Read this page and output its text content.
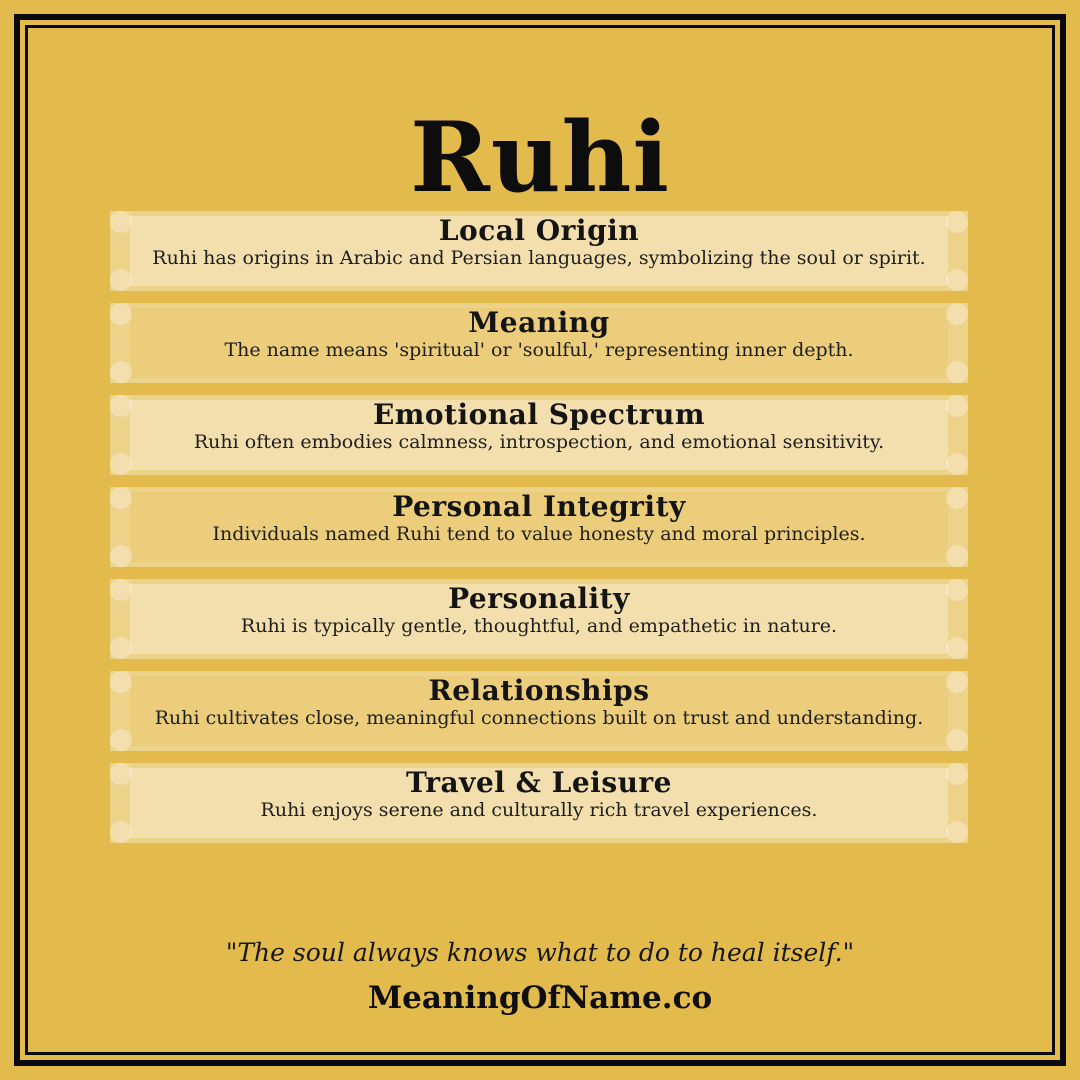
Ruhi
Local Origin
Ruhi has origins in Arabic and Persian languages, symbolizing the soul or spirit.
Meaning
The name means 'spiritual' or 'soulful,' representing inner depth.
Emotional Spectrum
Ruhi often embodies calmness, introspection, and emotional sensitivity.
Personal Integrity
Individuals named Ruhi tend to value honesty and moral principles.
Personality
Ruhi is typically gentle, thoughtful, and empathetic in nature.
Relationships
Ruhi cultivates close, meaningful connections built on trust and understanding.
Travel & Leisure
Ruhi enjoys serene and culturally rich travel experiences.
"The soul always knows what to do to heal itself."
MeaningOfName.co
